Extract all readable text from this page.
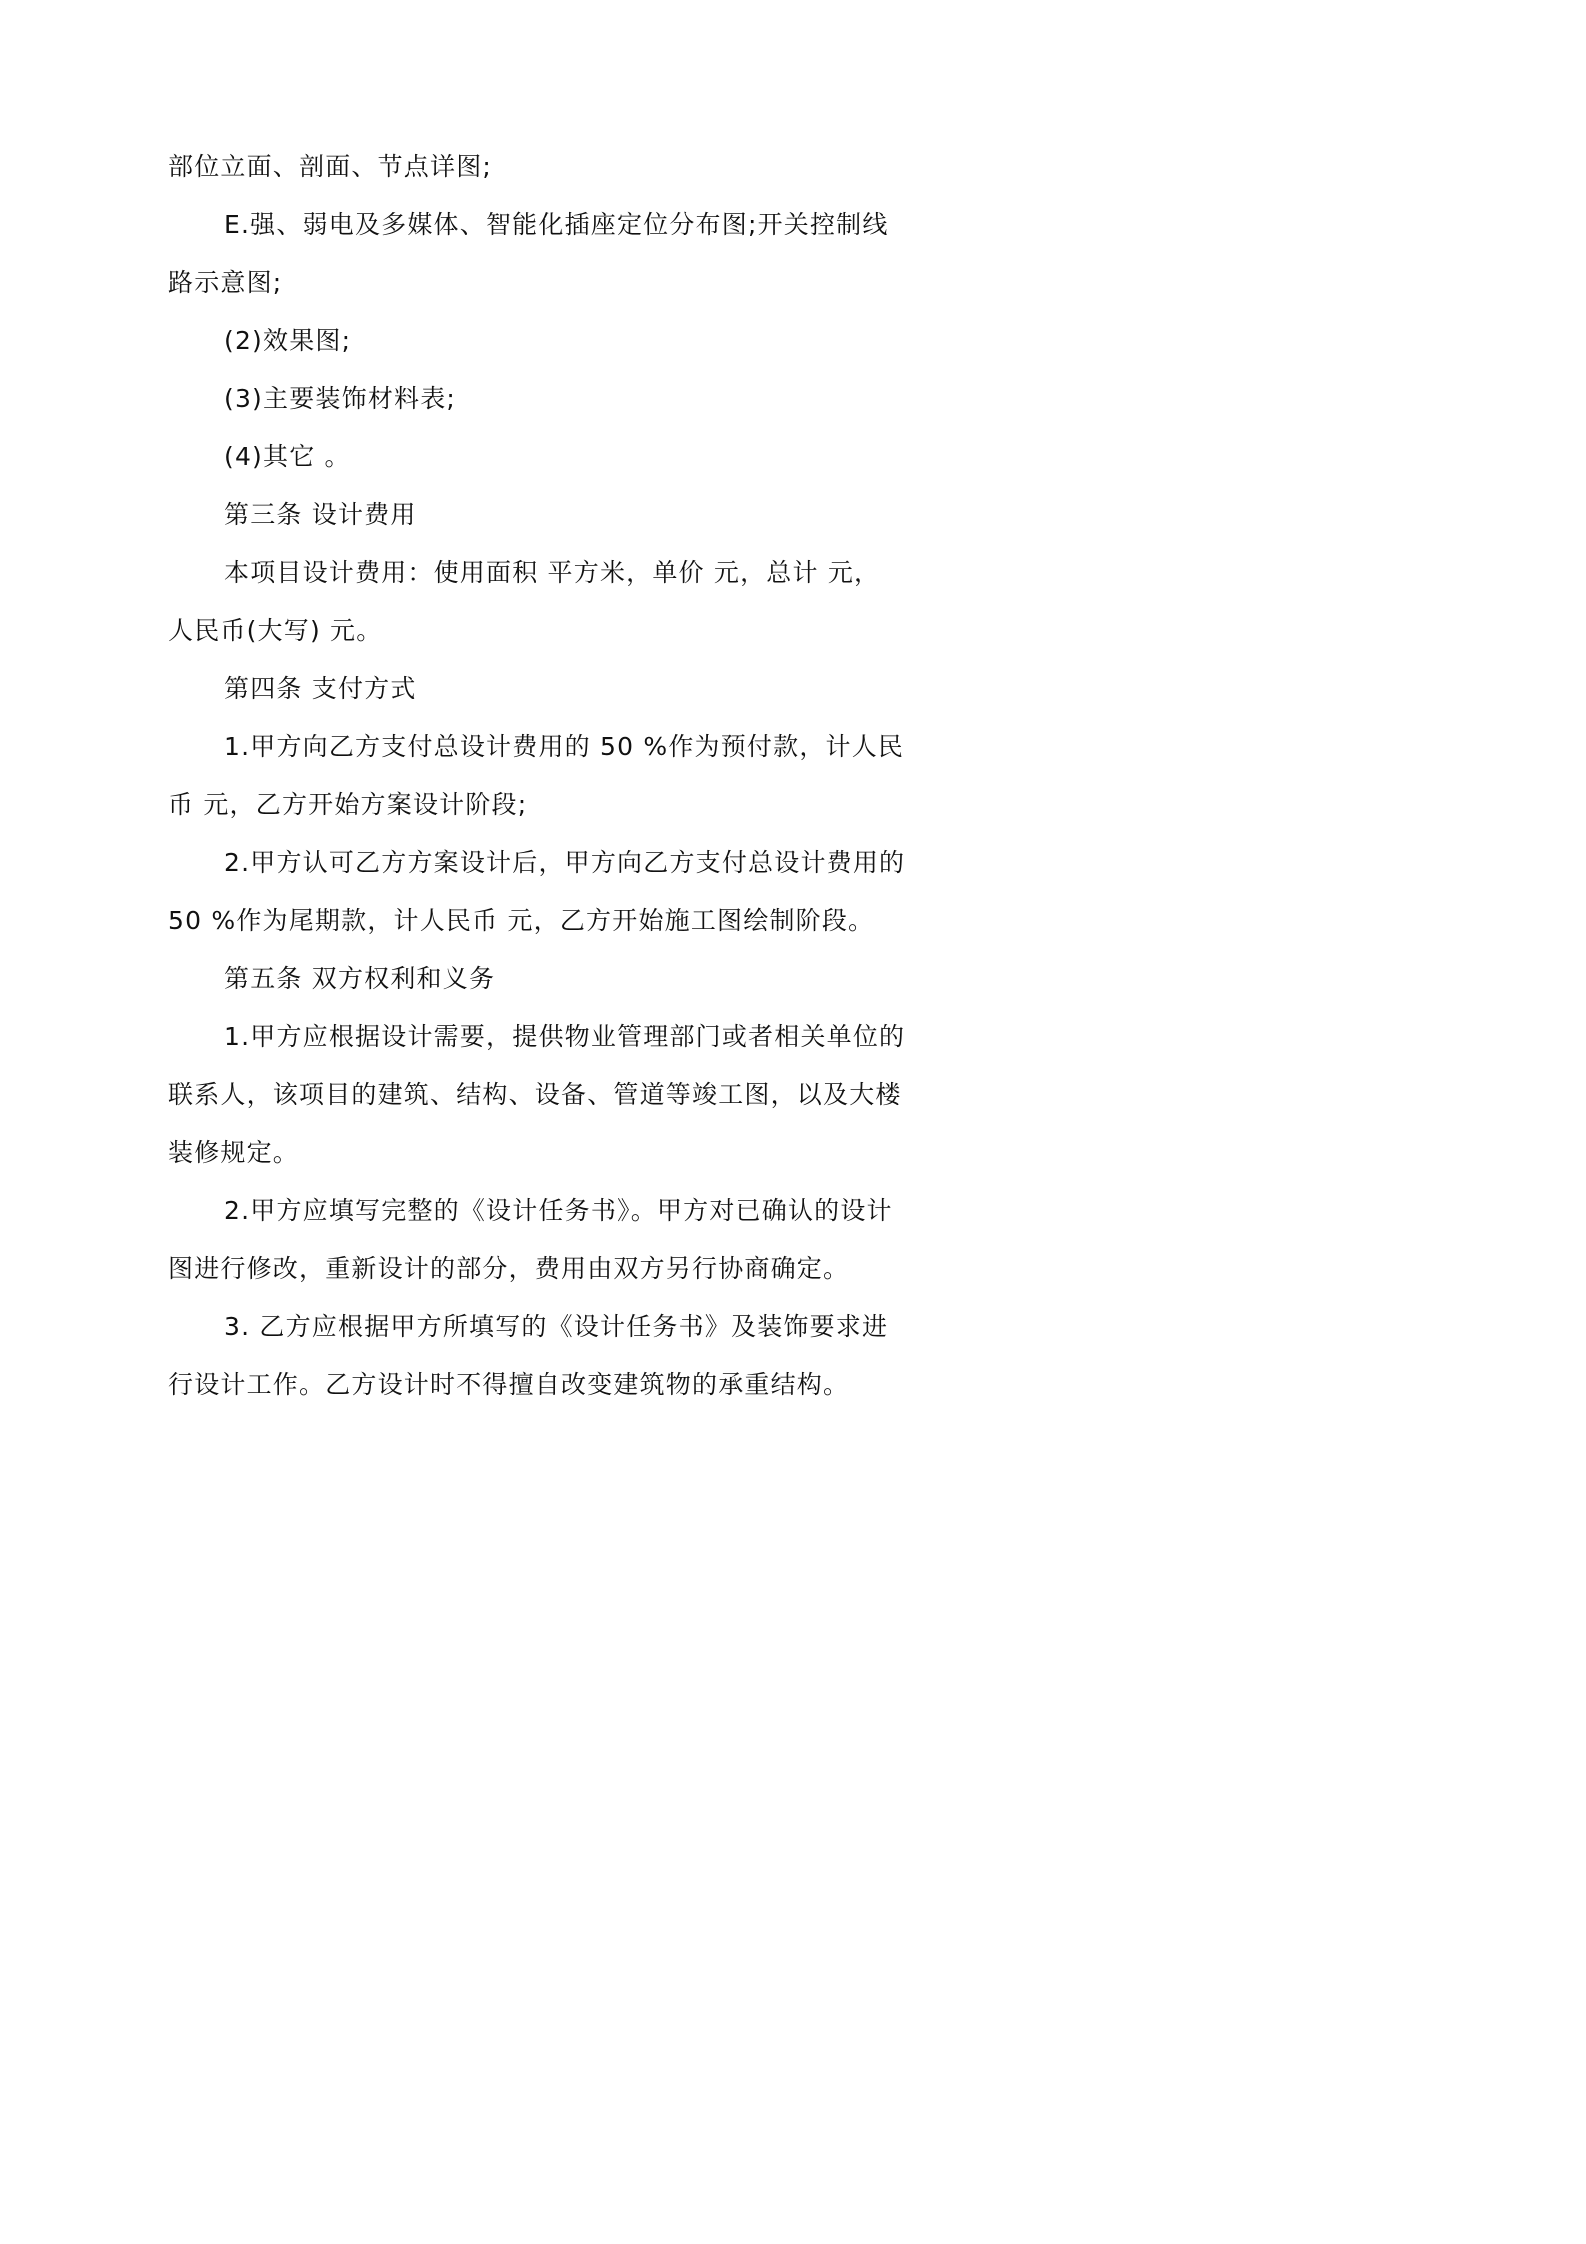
部位立面、剖面、节点详图;
E.强、弱电及多媒体、智能化插座定位分布图;开关控制线
路示意图;
(2)效果图;
(3)主要装饰材料表;
(4)其它 。
第三条 设计费用
本项目设计费用：使用面积 平方米，单价 元，总计 元，
人民币(大写) 元。
第四条 支付方式
1.甲方向乙方支付总设计费用的 50 %作为预付款，计人民
币 元，乙方开始方案设计阶段;
2.甲方认可乙方方案设计后，甲方向乙方支付总设计费用的
50 %作为尾期款，计人民币 元，乙方开始施工图绘制阶段。
第五条 双方权利和义务
1.甲方应根据设计需要，提供物业管理部门或者相关单位的
联系人，该项目的建筑、结构、设备、管道等竣工图，以及大楼
装修规定。
2.甲方应填写完整的《设计任务书》。甲方对已确认的设计
图进行修改，重新设计的部分，费用由双方另行协商确定。
3. 乙方应根据甲方所填写的《设计任务书》及装饰要求进
行设计工作。乙方设计时不得擅自改变建筑物的承重结构。
